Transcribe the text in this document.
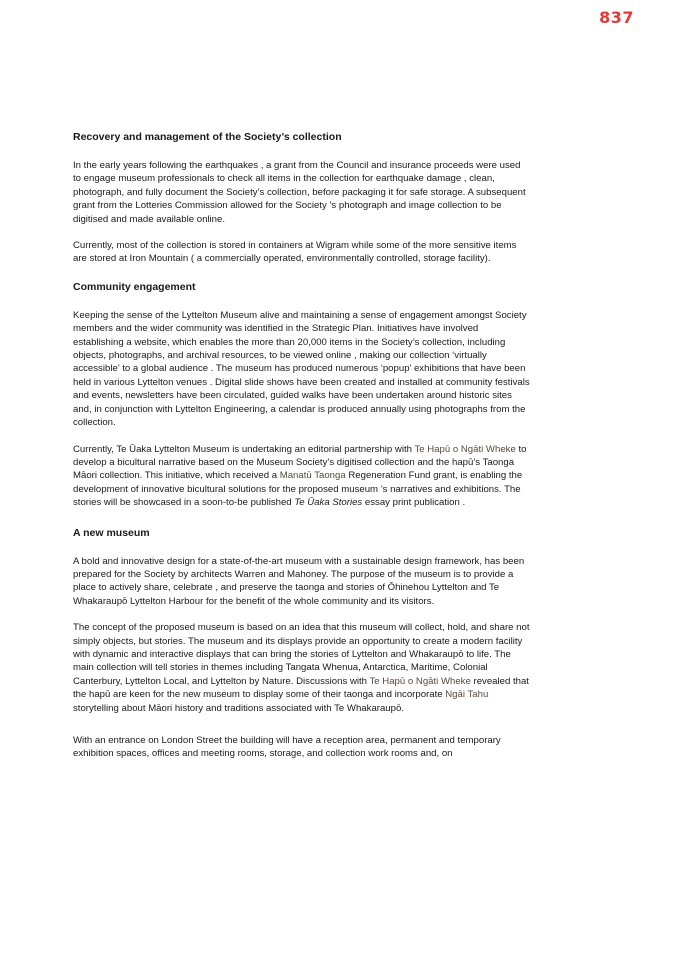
837
Recovery and management of the Society’s collection

In the early years following the earthquakes , a grant from the Council and insurance proceeds were used to engage museum professionals to check all items in the collection for earthquake damage , clean, photograph, and fully document the Society’s collection, before packaging it for safe storage. A subsequent grant from the Lotteries Commission allowed for the Society ’s photograph and image collection to be digitised and made available online.

Currently, most of the collection is stored in containers at Wigram while some of the more sensitive items are stored at Iron Mountain ( a commercially operated, environmentally controlled, storage facility).

Community engagement

Keeping the sense of the Lyttelton Museum alive and maintaining a sense of engagement amongst Society members and the wider community was identified in the Strategic Plan. Initiatives have involved establishing a website, which enables the more than 20,000 items in the Society’s collection, including objects, photographs, and archival resources, to be viewed online , making our collection ‘virtually accessible’ to a global audience . The museum has produced numerous ‘popup’ exhibitions that have been held in various Lyttelton venues . Digital slide shows have been created and installed at community festivals and events, newsletters have been circulated, guided walks have been undertaken around historic sites and, in conjunction with Lyttelton Engineering, a calendar is produced annually using photographs from the collection.

Currently, Te Ūaka Lyttelton Museum is undertaking an editorial partnership with Te Hapū o Ngāti Wheke to develop a bicultural narrative based on the Museum Society’s digitised collection and the hapū’s Taonga Māori collection. This initiative, which received a Manatū Taonga Regeneration Fund grant, is enabling the development of innovative bicultural solutions for the proposed museum ’s narratives and exhibitions. The stories will be showcased in a soon-to-be published Te Ūaka Stories essay print publication .

A new museum

A bold and innovative design for a state-of-the-art museum with a sustainable design framework, has been prepared for the Society by architects Warren and Mahoney. The purpose of the museum is to provide a place to actively share, celebrate , and preserve the taonga and stories of Ōhinehou Lyttelton and Te Whakaraupō Lyttelton Harbour for the benefit of the whole community and its visitors.

The concept of the proposed museum is based on an idea that this museum will collect, hold, and share not simply objects, but stories. The museum and its displays provide an opportunity to create a modern facility with dynamic and interactive displays that can bring the stories of Lyttelton and Whakaraupō to life. The main collection will tell stories in themes including Tangata Whenua, Antarctica, Maritime, Colonial Canterbury, Lyttelton Local, and Lyttelton by Nature. Discussions with Te Hapū o Ngāti Wheke revealed that the hapū are keen for the new museum to display some of their taonga and incorporate Ngāi Tahu storytelling about Māori history and traditions associated with Te Whakaraupō.

With an entrance on London Street the building will have a reception area, permanent and temporary exhibition spaces, offices and meeting rooms, storage, and collection work rooms and, on
